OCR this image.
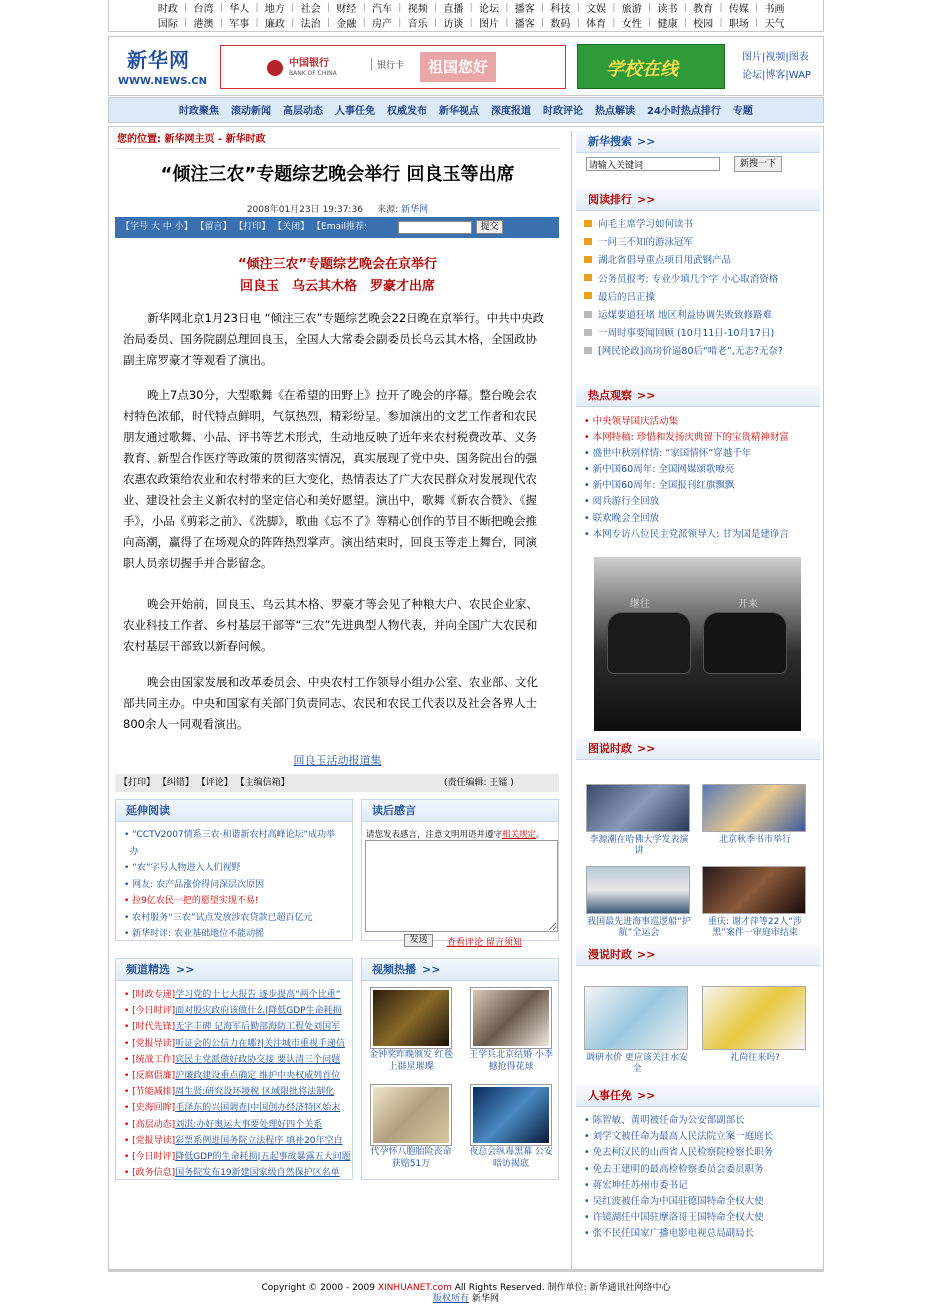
时政 | 台湾 | 华人 | 地方 | 社会 | 财经 | 汽车 | 视频 | 直播 | 论坛 | 播客 | 科技 | 文娱 | 旅游 | 读书 | 教育 | 传媒 | 书画
国际 | 港澳 | 军事 | 廉政 | 法治 | 金融 | 房产 | 音乐 | 访谈 | 图片 | 播客 | 数码 | 体育 | 女性 | 健康 | 校园 | 职场 | 天气
新华网
WWW.NEWS.CN
中国银行
BANK OF CHINA
银行卡	祖国您好	学校在线
图片|视频|图表
论坛|博客|WAP
时政聚焦 滚动新闻 高层动态 人事任免 权威发布 新华视点 深度报道 时政评论 热点解读 24小时热点排行 专题
您的位置: 新华网主页 - 新华时政
“倾注三农”专题综艺晚会举行 回良玉等出席
2008年01月23日 19:37:36 来源: 新华网
【字号 大 中 小】 【留言】 【打印】 【关闭】 【Email推荐:	提交
“倾注三农”专题综艺晚会在京举行
回良玉　乌云其木格　罗豪才出席
新华网北京1月23日电 “倾注三农”专题综艺晚会22日晚在京举行。中共中央政治局委员、国务院副总理回良玉，全国人大常委会副委员长乌云其木格，全国政协副主席罗豪才等观看了演出。
晚上7点30分，大型歌舞《在希望的田野上》拉开了晚会的序幕。整台晚会农村特色浓郁，时代特点鲜明，气氛热烈，精彩纷呈。参加演出的文艺工作者和农民朋友通过歌舞、小品、评书等艺术形式，生动地反映了近年来农村税费改革、义务教育、新型合作医疗等政策的贯彻落实情况，真实展现了党中央、国务院出台的强农惠农政策给农业和农村带来的巨大变化，热情表达了广大农民群众对发展现代农业、建设社会主义新农村的坚定信心和美好愿望。演出中，歌舞《新农合赞》、《握手》，小品《剪彩之前》、《洗脚》，歌曲《忘不了》等精心创作的节目不断把晚会推向高潮，赢得了在场观众的阵阵热烈掌声。演出结束时，回良玉等走上舞台，同演职人员亲切握手并合影留念。
晚会开始前，回良玉、乌云其木格、罗豪才等会见了种粮大户、农民企业家、农业科技工作者、乡村基层干部等“三农”先进典型人物代表，并向全国广大农民和农村基层干部致以新春问候。
晚会由国家发展和改革委员会、中央农村工作领导小组办公室、农业部、文化部共同主办。中央和国家有关部门负责同志、农民和农民工代表以及社会各界人士800余人一同观看演出。
回良玉活动报道集
【打印】 【纠错】 【评论】 【主编信箱】	(责任编辑: 王镭 )
延伸阅读
• “CCTV2007情系三农·和谐新农村高峰论坛”成功举
办
• “农”字号人物进入人们视野
• 网友: 农产品涨价得问深层次原因
• 拉9亿农民一把的愿望实现不易!
• 农村服务“三农”试点发放涉农贷款已超百亿元
• 新华时评: 农业基础地位不能动摇
读后感言
请您发表感言，注意文明用语并遵守相关规定。
发送	查看评论 留言须知
频道精选 >>
• [时政专递]学习党的十七大报告 逐步提高“两个比重”
• [今日时评]面对股灾政府该做什么|降低GDP生命耗损
• [时代先锋]无字丰碑 记海军后勤部海防工程处刘国军
• [党报导读]听证会的公信力在哪?|关注城市重视手递信
• [统战工作]宾民主党派做好政协交接 要认清三个问题
• [反腐倡廉]沪廉政建设重点确定 维护中央权威列首位
• [节能减排]周生贤:研究设环境税 区域限批将法制化
• [史海回眸]毛泽东的兴国调查|中国创办经济特区始末
• [高层动态]刘淇:办好奥运大事要处理好四个关系
• [党报导读]彩票系例进国务院立法程序 填补20年空白
• [今日时评]降低GDP的生命耗损|五起事故暴露五大问题
• [政务信息]国务院发布19新建国家级自然保护区名单
视频热播 >>
金钟奖昨晚颁发 红毯上群星璀璨
王学兵北京结婚 小李撼抢得花球
代孕怀八胞胎险丧命获赔51万
夜总会纵毒黑幕 公安暗访揭底
新华搜索 >>
请输入关键词
新搜一下
阅读排行 >>
向毛主席学习如何读书
一问三不知的游泳冠军
湖北省倡导重点项目用武钢产品
公务员报考: 专业少填几个字 小心取消资格
最后的吕正操
运煤要道狂堵 地区利益协调失败致修路难
一周时事要闻回顾 (10月11日-10月17日)
[网民论政]高房价逼80后“啃老”,无志?无奈?
热点观察 >>
• 中央领导国庆活动集
• 本网特稿: 珍惜和发扬庆典留下的宝贵精神财富
• 盛世中秋别样情: “家国情怀”穿越千年
• 新中国60周年: 全国网媒颂歌嘹亮
• 新中国60周年: 全国报刊红旗飘飘
• 阅兵游行全回放
• 联欢晚会全回放
• 本网专访八位民主党派领导人: 甘为国是建诤言
继往	开来
图说时政 >>
李源潮在哈佛大学发表演讲
北京秋季书市举行
我国最先进海事巡逻船“护航”全运会
重庆: 谢才萍等22人“涉黑”案件一审庭审结束
漫说时政 >>
调研水价 更应该关注水安全
礼尚往来吗?
人事任免 >>
• 陈智敏、黄明被任命为公安部副部长
• 刘学文被任命为最高人民法院立案一庭庭长
• 免去柯汉民的山西省人民检察院检察长职务
• 免去王建明的最高检检察委员会委员职务
• 蒋宏坤任苏州市委书记
• 吴红波被任命为中国驻德国特命全权大使
• 许镜湖任中国驻摩洛哥王国特命全权大使
• 张不民任国家广播电影电视总局副局长
Copyright © 2000 - 2009 XINHUANET.com All Rights Reserved. 制作单位: 新华通讯社网络中心
版权所有 新华网
